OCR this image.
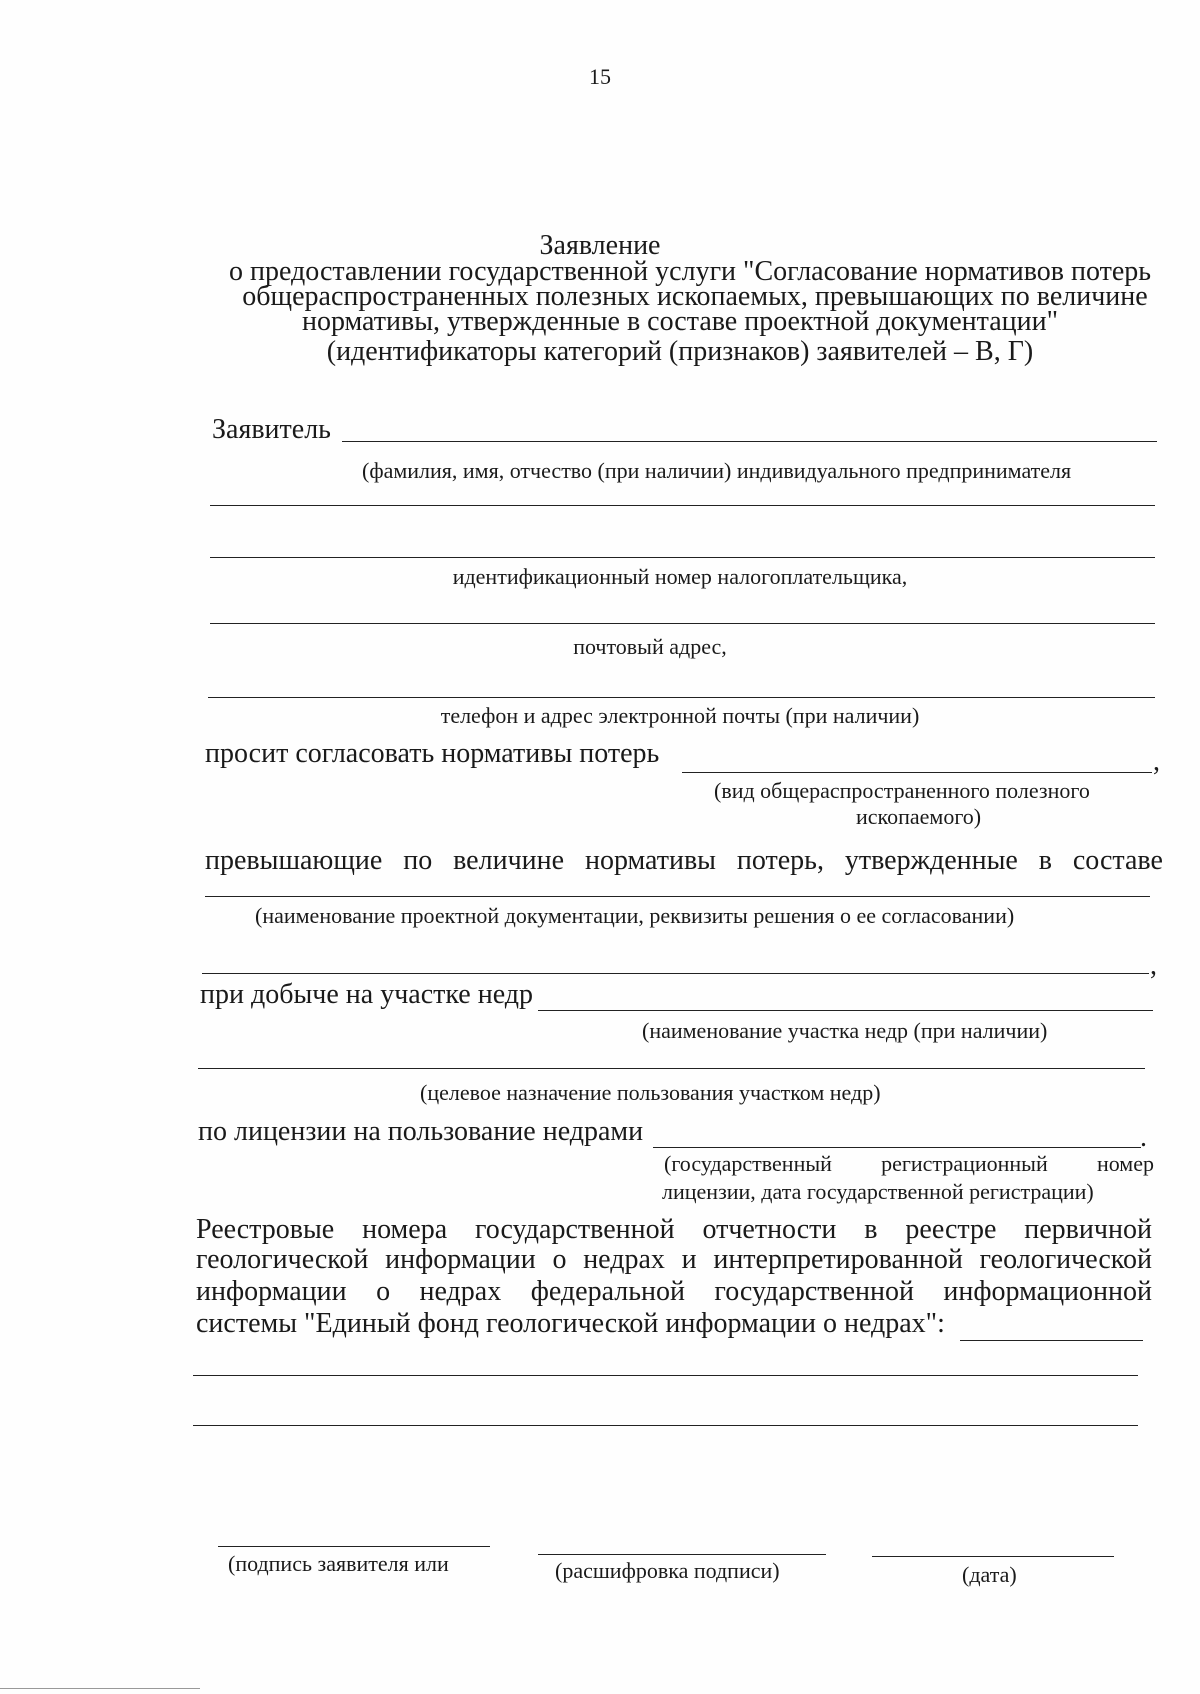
15
Заявление
о предоставлении государственной услуги "Согласование нормативов потерь
общераспространенных полезных ископаемых, превышающих по величине
нормативы, утвержденные в составе проектной документации"
(идентификаторы категорий (признаков) заявителей – В, Г)
Заявитель
(фамилия, имя, отчество (при наличии) индивидуального предпринимателя
идентификационный номер налогоплательщика,
почтовый адрес,
телефон и адрес электронной почты (при наличии)
просит согласовать нормативы потерь	,
(вид общераспространенного полезного
ископаемого)
превышающие по величине нормативы потерь, утвержденные в составе
(наименование проектной документации, реквизиты решения о ее согласовании)
,
при добыче на участке недр
(наименование участка недр (при наличии)
(целевое назначение пользования участком недр)
по лицензии на пользование недрами	.
(государственный регистрационный номер
лицензии, дата государственной регистрации)
Реестровые номера государственной отчетности в реестре первичной
геологической информации о недрах и интерпретированной геологической
информации о недрах федеральной государственной информационной
системы "Единый фонд геологической информации о недрах":
(подпись заявителя или	(расшифровка подписи)	(дата)
